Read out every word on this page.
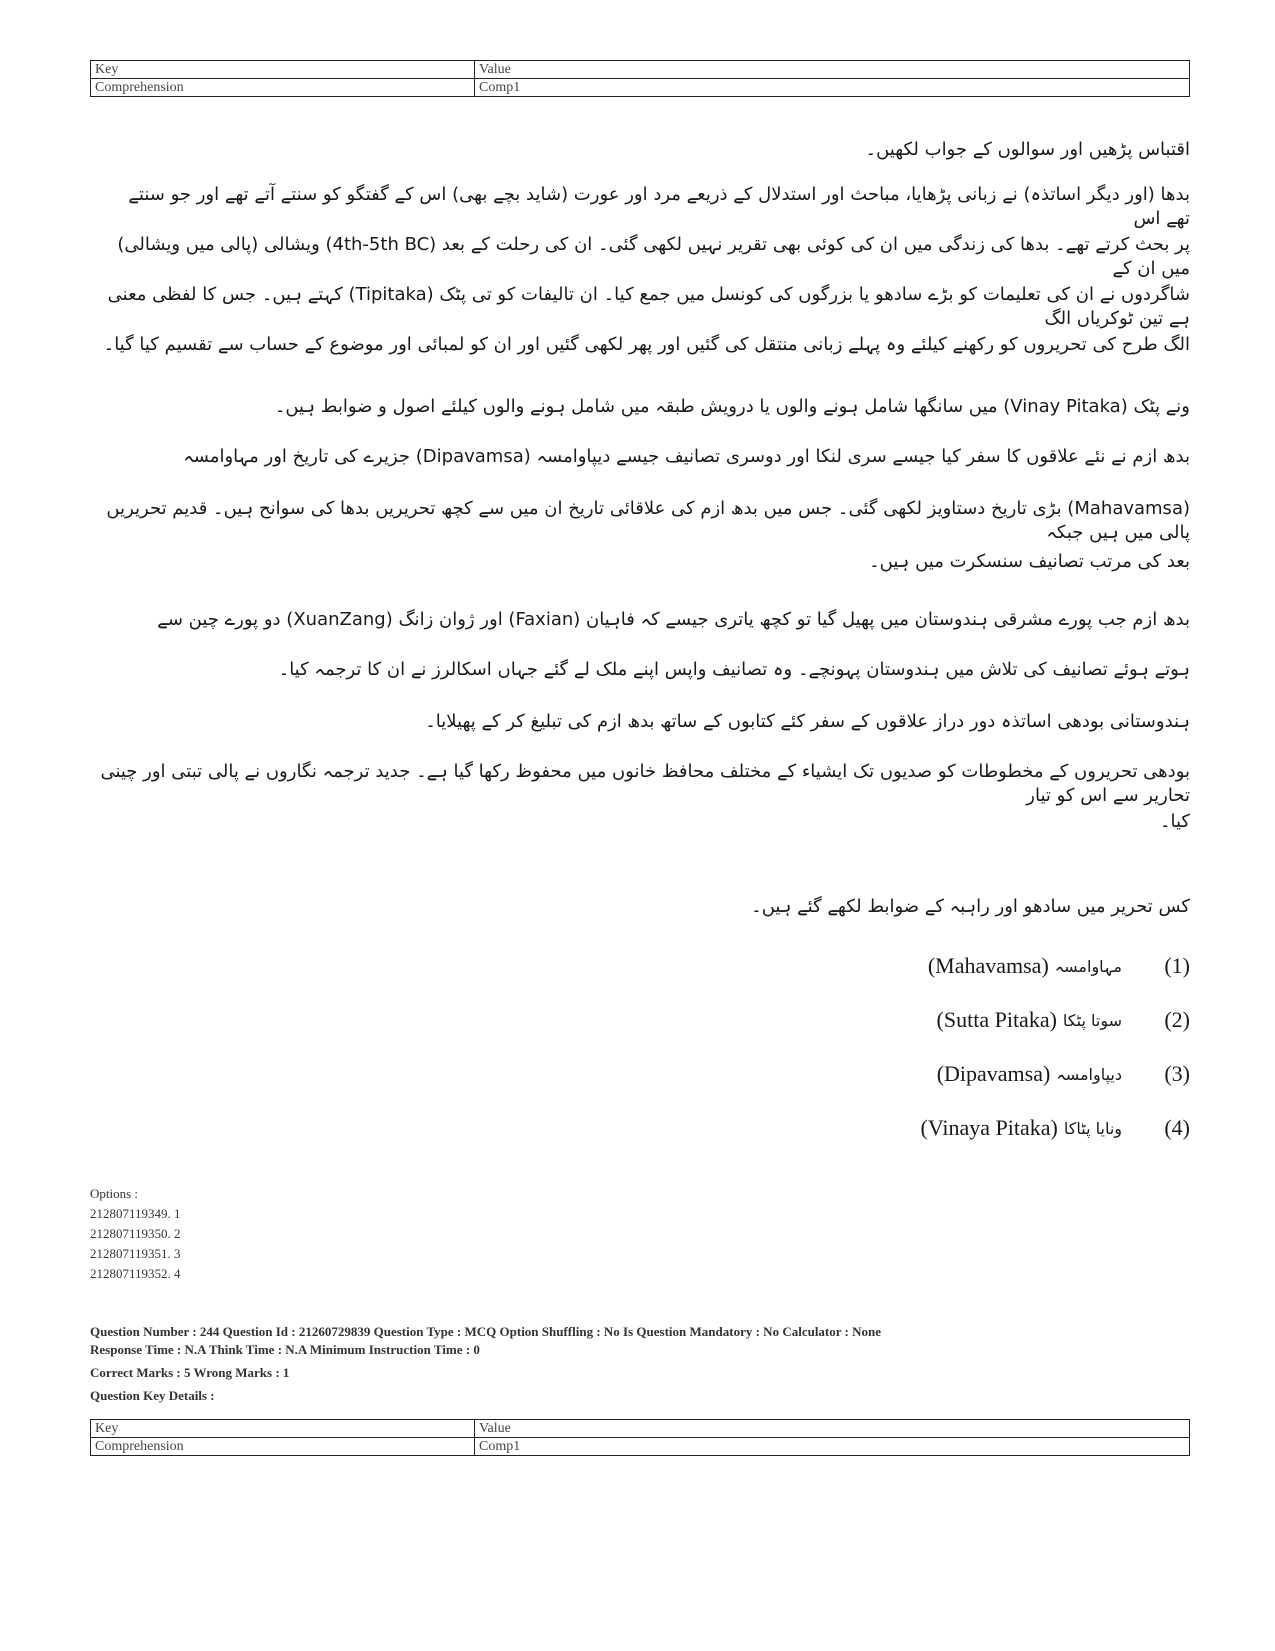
Key	Value
Comprehension	Comp1
اقتباس پڑھیں اور سوالوں کے جواب لکھیں۔
بدھا (اور دیگر اساتذہ) نے زبانی پڑھایا، مباحث اور استدلال کے ذریعے مرد اور عورت (شاید بچے بھی) اس کے گفتگو کو سنتے آتے تھے اور جو سنتے تھے اس
پر بحث کرتے تھے۔ بدھا کی زندگی میں ان کی کوئی بھی تقریر نہیں لکھی گئی۔ ان کی رحلت کے بعد (4th-5th BC) ویشالی (پالی میں ویشالی) میں ان کے
شاگردوں نے ان کی تعلیمات کو بڑے سادھو یا بزرگوں کی کونسل میں جمع کیا۔ ان تالیفات کو تی پٹک (Tipitaka) کہتے ہیں۔ جس کا لفظی معنی ہے تین ٹوکریاں الگ
الگ طرح کی تحریروں کو رکھنے کیلئے وہ پہلے زبانی منتقل کی گئیں اور پھر لکھی گئیں اور ان کو لمبائی اور موضوع کے حساب سے تقسیم کیا گیا۔
ونے پٹک (Vinay Pitaka) میں سانگھا شامل ہونے والوں یا درویش طبقہ میں شامل ہونے والوں کیلئے اصول و ضوابط ہیں۔
بدھ ازم نے نئے علاقوں کا سفر کیا جیسے سری لنکا اور دوسری تصانیف جیسے دیپاوامسہ (Dipavamsa) جزیرے کی تاریخ اور مہاوامسہ
(Mahavamsa) بڑی تاریخ دستاویز لکھی گئی۔ جس میں بدھ ازم کی علاقائی تاریخ ان میں سے کچھ تحریریں بدھا کی سوانح ہیں۔ قدیم تحریریں پالی میں ہیں جبکہ
بعد کی مرتب تصانیف سنسکرت میں ہیں۔
بدھ ازم جب پورے مشرقی ہندوستان میں پھیل گیا تو کچھ یاتری جیسے کہ فاہیان (Faxian) اور ژوان زانگ (XuanZang) دو پورے چین سے
ہوتے ہوئے تصانیف کی تلاش میں ہندوستان پہونچے۔ وہ تصانیف واپس اپنے ملک لے گئے جہاں اسکالرز نے ان کا ترجمہ کیا۔
ہندوستانی بودھی اساتذہ دور دراز علاقوں کے سفر کئے کتابوں کے ساتھ بدھ ازم کی تبلیغ کر کے پھیلایا۔
بودھی تحریروں کے مخطوطات کو صدیوں تک ایشیاء کے مختلف محافظ خانوں میں محفوظ رکھا گیا ہے۔ جدید ترجمہ نگاروں نے پالی تبتی اور چینی تحاریر سے اس کو تیار
کیا۔
کس تحریر میں سادھو اور راہبہ کے ضوابط لکھے گئے ہیں۔
(Mahavamsa) مہاوامسہ	(1)
(Sutta Pitaka) سوتا پٹکا	(2)
(Dipavamsa) دیپاوامسہ	(3)
(Vinaya Pitaka) ونایا پٹاکا	(4)
Options :
212807119349. 1
212807119350. 2
212807119351. 3
212807119352. 4
Question Number : 244 Question Id : 21260729839 Question Type : MCQ Option Shuffling : No Is Question Mandatory : No Calculator : None
Response Time : N.A Think Time : N.A Minimum Instruction Time : 0
Correct Marks : 5 Wrong Marks : 1
Question Key Details :
Key	Value
Comprehension	Comp1
